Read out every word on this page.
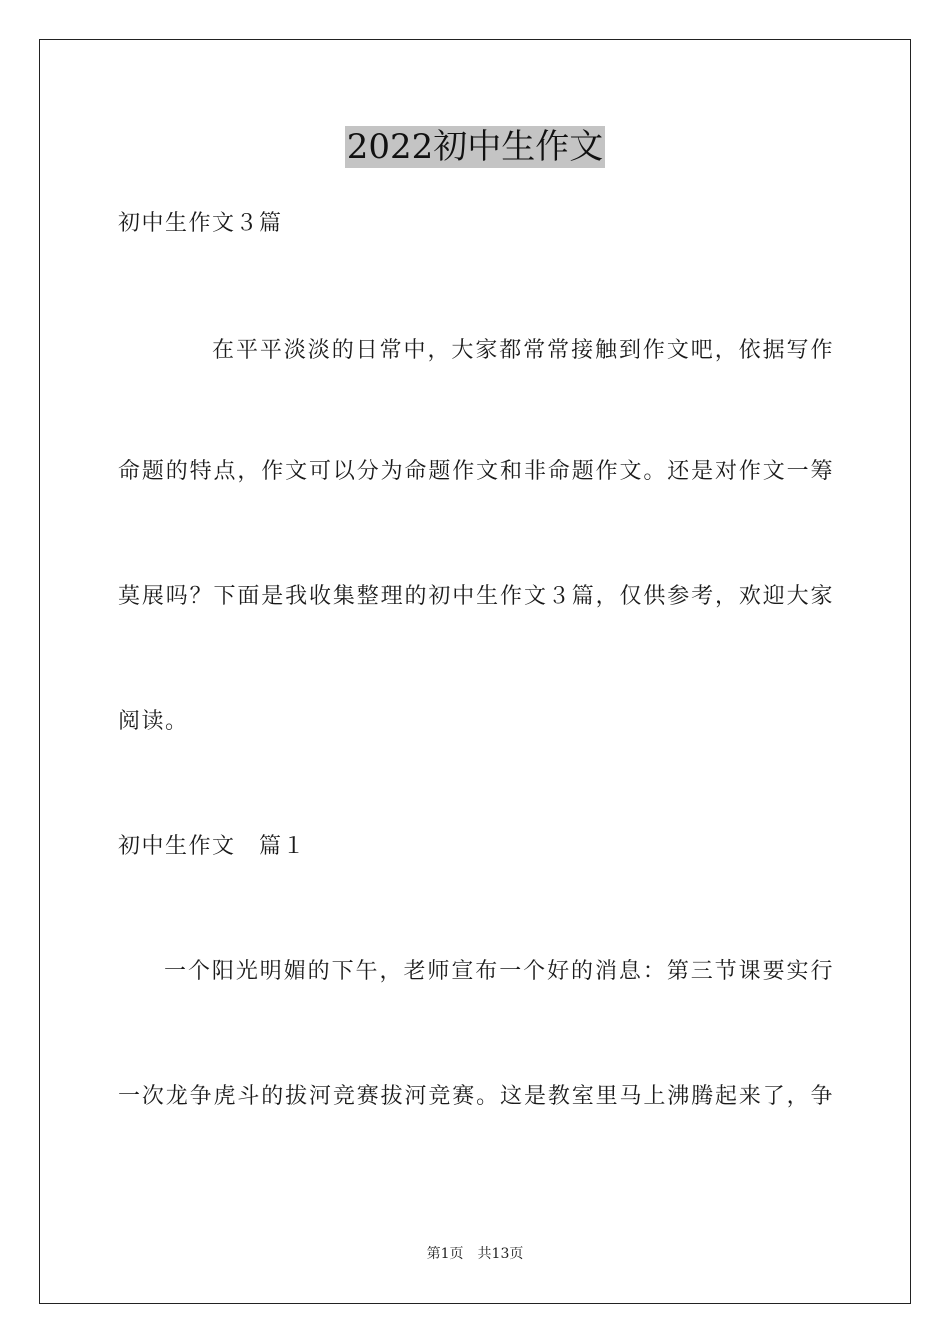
2022初中生作文
初中生作文３篇
在平平淡淡的日常中，大家都常常接触到作文吧，依据写作
命题的特点，作文可以分为命题作文和非命题作文。还是对作文一筹
莫展吗？下面是我收集整理的初中生作文３篇，仅供参考，欢迎大家
阅读。
初中生作文　篇１
一个阳光明媚的下午，老师宣布一个好的消息：第三节课要实行
一次龙争虎斗的拔河竞赛拔河竞赛。这是教室里马上沸腾起来了，争
第1页 共13页
